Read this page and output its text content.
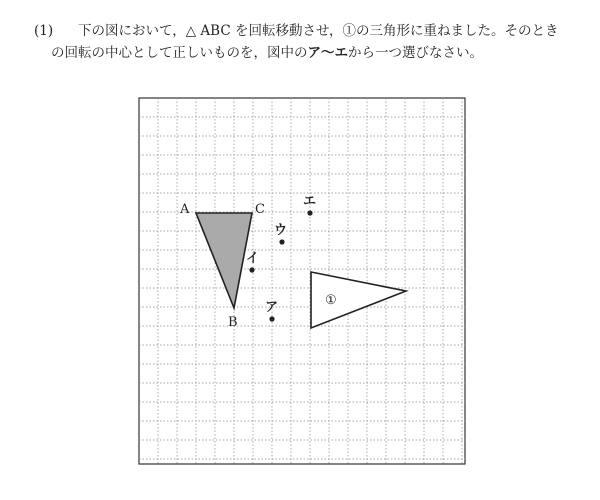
(1) 下の図において，△ ABC を回転移動させ，①の三角形に重ねました。そのとき
の回転の中心として正しいものを，図中のア～エから一つ選びなさい。
A	C
B
①
ア
イ
ウ
エ
